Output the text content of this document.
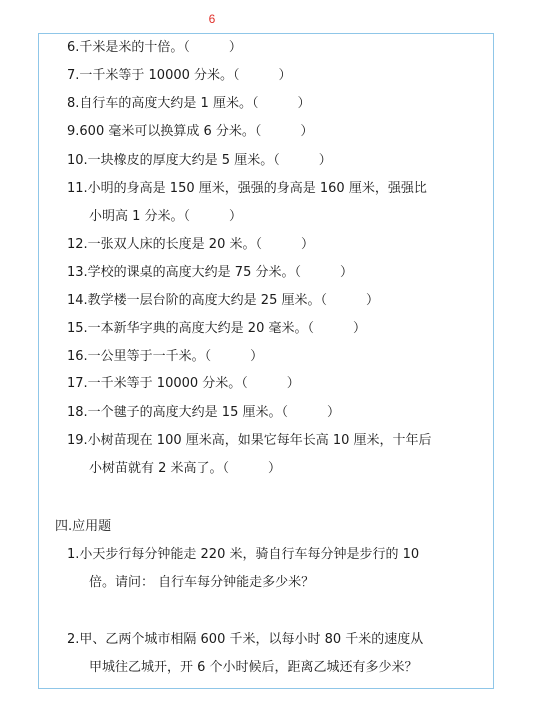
6
6.千米是米的十倍。（　　　）
7.一千米等于 10000 分米。（　　　）
8.自行车的高度大约是 1 厘米。（　　　）
9.600 毫米可以换算成 6 分米。（　　　）
10.一块橡皮的厚度大约是 5 厘米。（　　　）
11.小明的身高是 150 厘米，强强的身高是 160 厘米，强强比
小明高 1 分米。（　　　）
12.一张双人床的长度是 20 米。（　　　）
13.学校的课桌的高度大约是 75 分米。（　　　）
14.教学楼一层台阶的高度大约是 25 厘米。（　　　）
15.一本新华字典的高度大约是 20 毫米。（　　　）
16.一公里等于一千米。（　　　）
17.一千米等于 10000 分米。（　　　）
18.一个毽子的高度大约是 15 厘米。（　　　）
19.小树苗现在 100 厘米高，如果它每年长高 10 厘米，十年后
小树苗就有 2 米高了。（　　　）
四.应用题
1.小天步行每分钟能走 220 米，骑自行车每分钟是步行的 10
倍。请问： 自行车每分钟能走多少米？
2.甲、乙两个城市相隔 600 千米，以每小时 80 千米的速度从
甲城往乙城开，开 6 个小时候后，距离乙城还有多少米？
